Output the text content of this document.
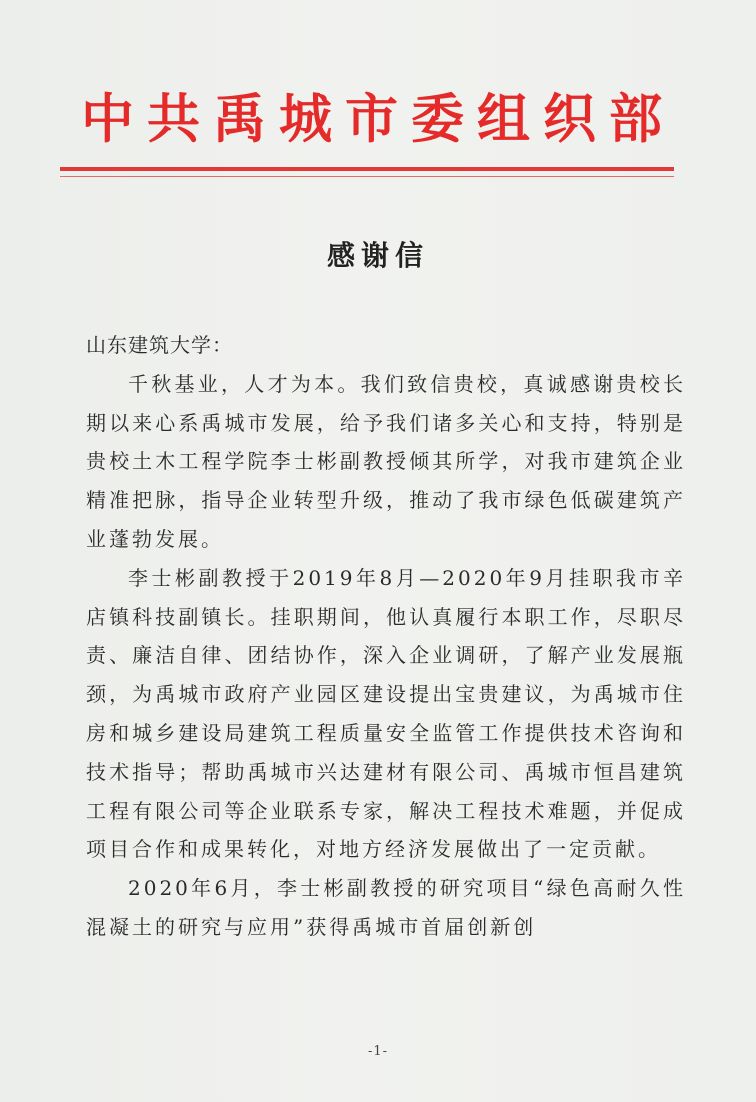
中共禹城市委组织部
感谢信

山东建筑大学：

千秋基业，人才为本。我们致信贵校，真诚感谢贵校长期以来心系禹城市发展，给予我们诸多关心和支持，特别是贵校土木工程学院李士彬副教授倾其所学，对我市建筑企业精准把脉，指导企业转型升级，推动了我市绿色低碳建筑产业蓬勃发展。

李士彬副教授于2019年8月—2020年9月挂职我市辛店镇科技副镇长。挂职期间，他认真履行本职工作，尽职尽责、廉洁自律、团结协作，深入企业调研，了解产业发展瓶颈，为禹城市政府产业园区建设提出宝贵建议，为禹城市住房和城乡建设局建筑工程质量安全监管工作提供技术咨询和技术指导；帮助禹城市兴达建材有限公司、禹城市恒昌建筑工程有限公司等企业联系专家，解决工程技术难题，并促成项目合作和成果转化，对地方经济发展做出了一定贡献。

2020年6月，李士彬副教授的研究项目“绿色高耐久性混凝土的研究与应用”获得禹城市首届创新创

-1-
